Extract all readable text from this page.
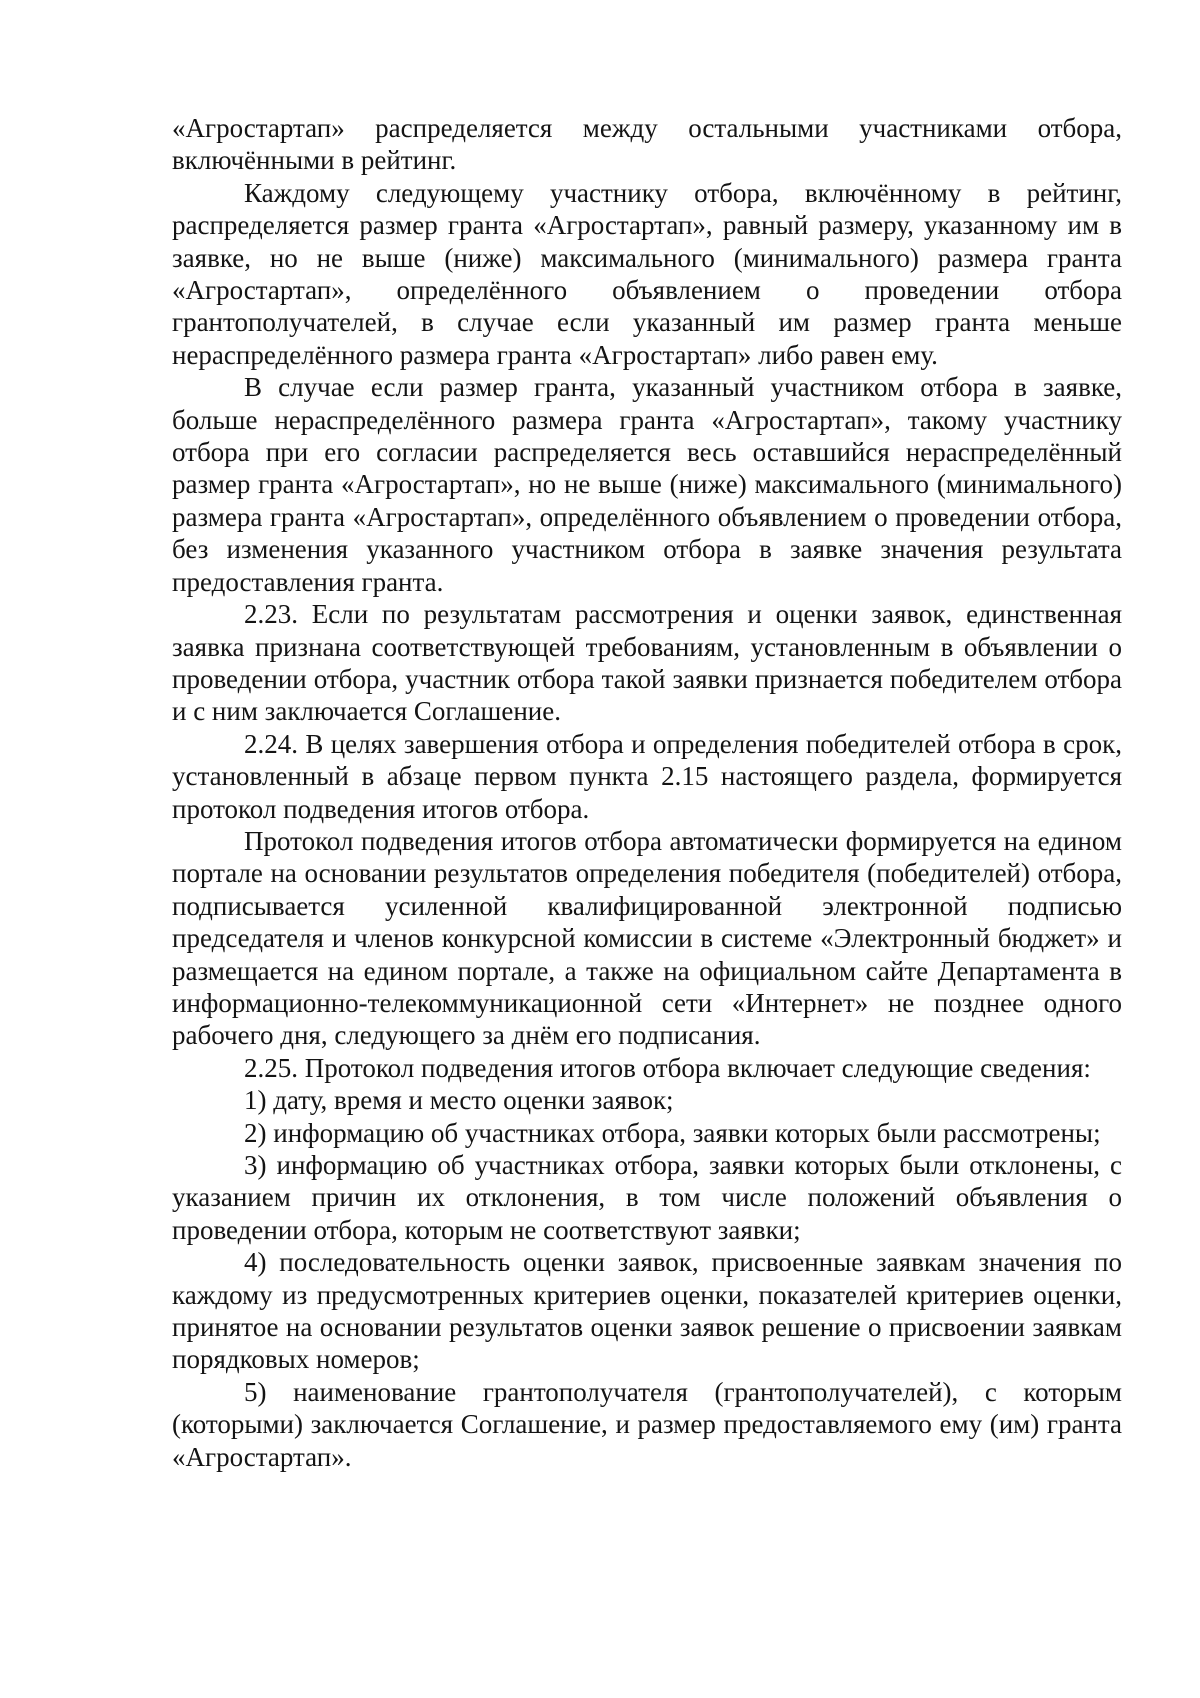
«Агростартап» распределяется между остальными участниками отбора, включёнными в рейтинг.

Каждому следующему участнику отбора, включённому в рейтинг, распределяется размер гранта «Агростартап», равный размеру, указанному им в заявке, но не выше (ниже) максимального (минимального) размера гранта «Агростартап», определённого объявлением о проведении отбора грантополучателей, в случае если указанный им размер гранта меньше нераспределённого размера гранта «Агростартап» либо равен ему.

В случае если размер гранта, указанный участником отбора в заявке, больше нераспределённого размера гранта «Агростартап», такому участнику отбора при его согласии распределяется весь оставшийся нераспределённый размер гранта «Агростартап», но не выше (ниже) максимального (минимального) размера гранта «Агростартап», определённого объявлением о проведении отбора, без изменения указанного участником отбора в заявке значения результата предоставления гранта.

2.23. Если по результатам рассмотрения и оценки заявок, единственная заявка признана соответствующей требованиям, установленным в объявлении о проведении отбора, участник отбора такой заявки признается победителем отбора и с ним заключается Соглашение.

2.24. В целях завершения отбора и определения победителей отбора в срок, установленный в абзаце первом пункта 2.15 настоящего раздела, формируется протокол подведения итогов отбора.

Протокол подведения итогов отбора автоматически формируется на едином портале на основании результатов определения победителя (победителей) отбора, подписывается усиленной квалифицированной электронной подписью председателя и членов конкурсной комиссии в системе «Электронный бюджет» и размещается на едином портале, а также на официальном сайте Департамента в информационно-телекоммуникационной сети «Интернет» не позднее одного рабочего дня, следующего за днём его подписания.

2.25. Протокол подведения итогов отбора включает следующие сведения:

1) дату, время и место оценки заявок;

2) информацию об участниках отбора, заявки которых были рассмотрены;

3) информацию об участниках отбора, заявки которых были отклонены, с указанием причин их отклонения, в том числе положений объявления о проведении отбора, которым не соответствуют заявки;

4) последовательность оценки заявок, присвоенные заявкам значения по каждому из предусмотренных критериев оценки, показателей критериев оценки, принятое на основании результатов оценки заявок решение о присвоении заявкам порядковых номеров;

5) наименование грантополучателя (грантополучателей), с которым (которыми) заключается Соглашение, и размер предоставляемого ему (им) гранта «Агростартап».
